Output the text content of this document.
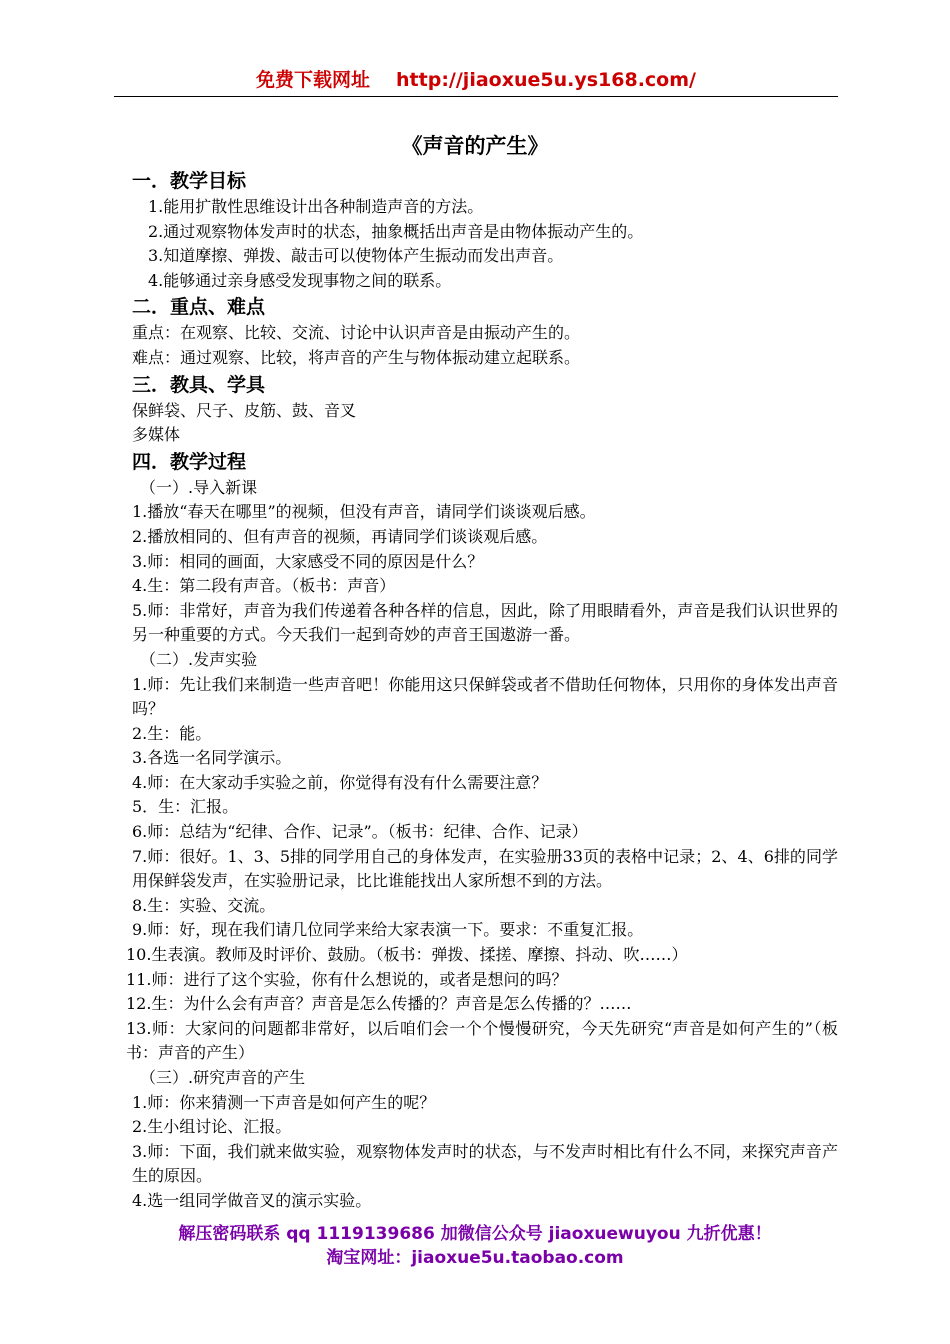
免费下载网址 http://jiaoxue5u.ys168.com/
《声音的产生》
一．教学目标
1.能用扩散性思维设计出各种制造声音的方法。
2.通过观察物体发声时的状态，抽象概括出声音是由物体振动产生的。
3.知道摩擦、弹拨、敲击可以使物体产生振动而发出声音。
4.能够通过亲身感受发现事物之间的联系。
二．重点、难点
重点：在观察、比较、交流、讨论中认识声音是由振动产生的。
难点：通过观察、比较，将声音的产生与物体振动建立起联系。
三．教具、学具
保鲜袋、尺子、皮筋、鼓、音叉
多媒体
四．教学过程
（一）.导入新课
1.播放“春天在哪里”的视频，但没有声音，请同学们谈谈观后感。
2.播放相同的、但有声音的视频，再请同学们谈谈观后感。
3.师：相同的画面，大家感受不同的原因是什么？
4.生：第二段有声音。（板书：声音）
5.师：非常好，声音为我们传递着各种各样的信息，因此，除了用眼睛看外，声音是我们认识世界的另一种重要的方式。今天我们一起到奇妙的声音王国遨游一番。
（二）.发声实验
1.师：先让我们来制造一些声音吧！你能用这只保鲜袋或者不借助任何物体，只用你的身体发出声音吗？
2.生：能。
3.各选一名同学演示。
4.师：在大家动手实验之前，你觉得有没有什么需要注意？
5．生：汇报。
6.师：总结为“纪律、合作、记录”。（板书：纪律、合作、记录）
7.师：很好。1、3、5排的同学用自己的身体发声，在实验册33页的表格中记录；2、4、6排的同学用保鲜袋发声，在实验册记录，比比谁能找出人家所想不到的方法。
8.生：实验、交流。
9.师：好，现在我们请几位同学来给大家表演一下。要求：不重复汇报。
10.生表演。教师及时评价、鼓励。（板书：弹拨、揉搓、摩擦、抖动、吹……）
11.师：进行了这个实验，你有什么想说的，或者是想问的吗？
12.生：为什么会有声音？声音是怎么传播的？声音是怎么传播的？……
13.师：大家问的问题都非常好，以后咱们会一个个慢慢研究，今天先研究“声音是如何产生的”（板书：声音的产生）
（三）.研究声音的产生
1.师：你来猜测一下声音是如何产生的呢？
2.生小组讨论、汇报。
3.师：下面，我们就来做实验，观察物体发声时的状态，与不发声时相比有什么不同，来探究声音产生的原因。
4.选一组同学做音叉的演示实验。
解压密码联系 qq 1119139686 加微信公众号 jiaoxuewuyou 九折优惠！
淘宝网址：jiaoxue5u.taobao.com
